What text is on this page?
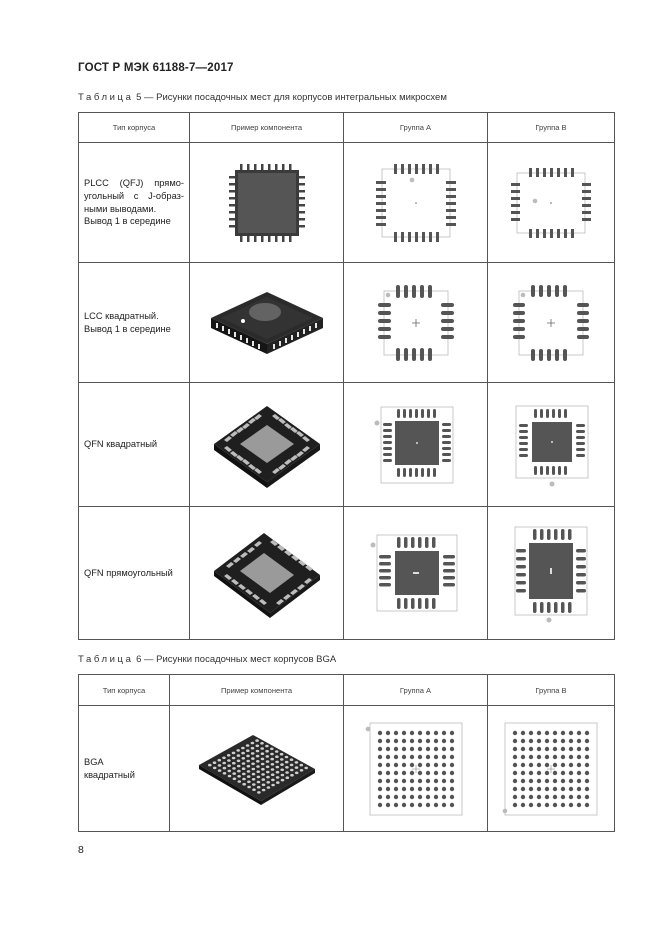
ГОСТ Р МЭК 61188-7—2017
Таблица 5 — Рисунки посадочных мест для корпусов интегральных микросхем
Тип корпуса	Пример компонента	Группа A	Группа B

PLCC (QFJ) прямо-
угольный с J-образ-
ными выводами.
Вывод 1 в середине

LCC квадратный.
Вывод 1 в середине

QFN квадратный

QFN прямоугольный

Таблица 6 — Рисунки посадочных мест корпусов BGA
Тип корпуса	Пример компонента	Группа A	Группа B

BGA
квадратный

8
